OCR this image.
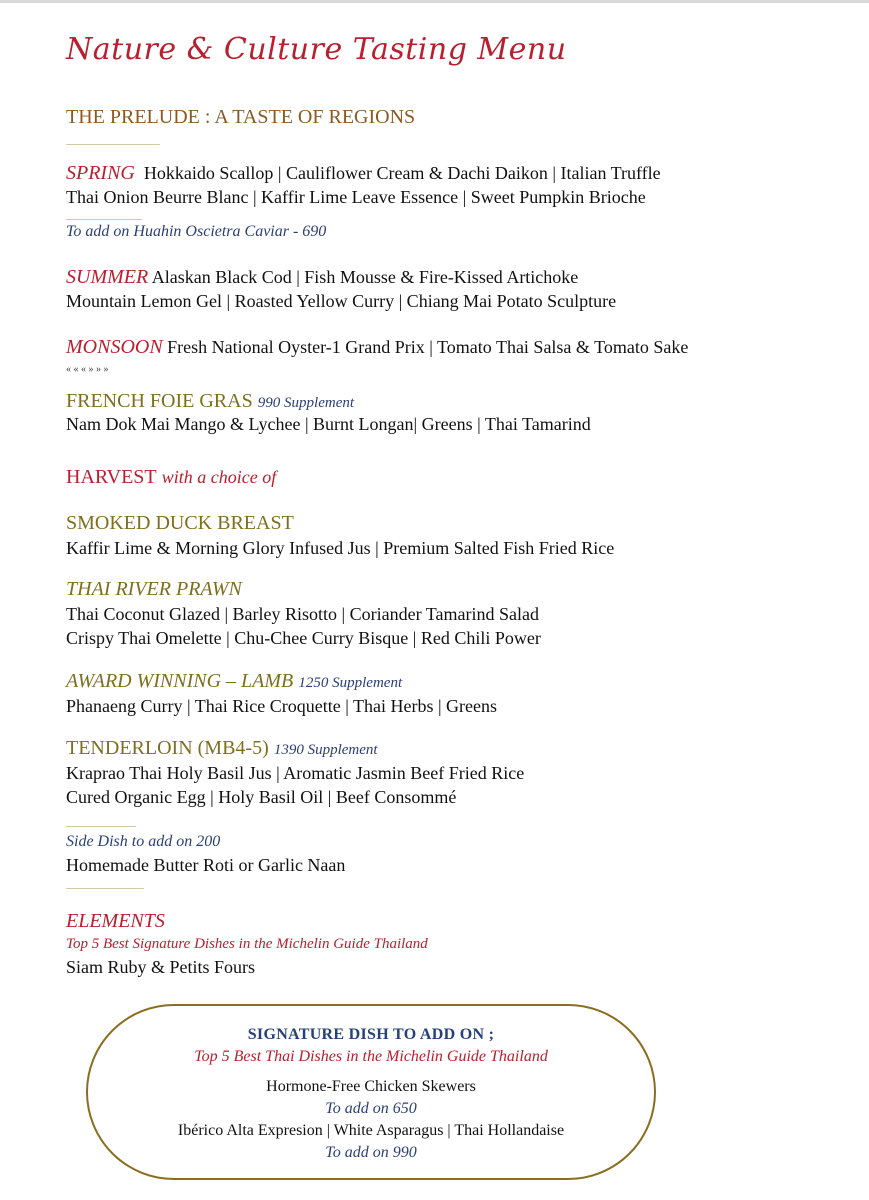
Nature & Culture Tasting Menu
THE PRELUDE : A TASTE OF REGIONS
SPRING Hokkaido Scallop | Cauliflower Cream & Dachi Daikon | Italian Truffle
Thai Onion Beurre Blanc | Kaffir Lime Leave Essence | Sweet Pumpkin Brioche
To add on Huahin Oscietra Caviar - 690
SUMMER Alaskan Black Cod | Fish Mousse & Fire-Kissed Artichoke
Mountain Lemon Gel | Roasted Yellow Curry | Chiang Mai Potato Sculpture
MONSOON Fresh National Oyster-1 Grand Prix | Tomato Thai Salsa & Tomato Sake
« « « » » »
FRENCH FOIE GRAS 990 Supplement
Nam Dok Mai Mango & Lychee | Burnt Longan| Greens | Thai Tamarind
HARVEST with a choice of
SMOKED DUCK BREAST
Kaffir Lime & Morning Glory Infused Jus | Premium Salted Fish Fried Rice
THAI RIVER PRAWN
Thai Coconut Glazed | Barley Risotto | Coriander Tamarind Salad
Crispy Thai Omelette | Chu-Chee Curry Bisque | Red Chili Power
AWARD WINNING – LAMB 1250 Supplement
Phanaeng Curry | Thai Rice Croquette | Thai Herbs | Greens
TENDERLOIN (MB4-5) 1390 Supplement
Kraprao Thai Holy Basil Jus | Aromatic Jasmin Beef Fried Rice
Cured Organic Egg | Holy Basil Oil | Beef Consommé
Side Dish to add on 200
Homemade Butter Roti or Garlic Naan
ELEMENTS
Top 5 Best Signature Dishes in the Michelin Guide Thailand
Siam Ruby & Petits Fours
SIGNATURE DISH TO ADD ON ;
Top 5 Best Thai Dishes in the Michelin Guide Thailand
Hormone-Free Chicken Skewers
To add on 650
Ibérico Alta Expresion | White Asparagus | Thai Hollandaise
To add on 990
